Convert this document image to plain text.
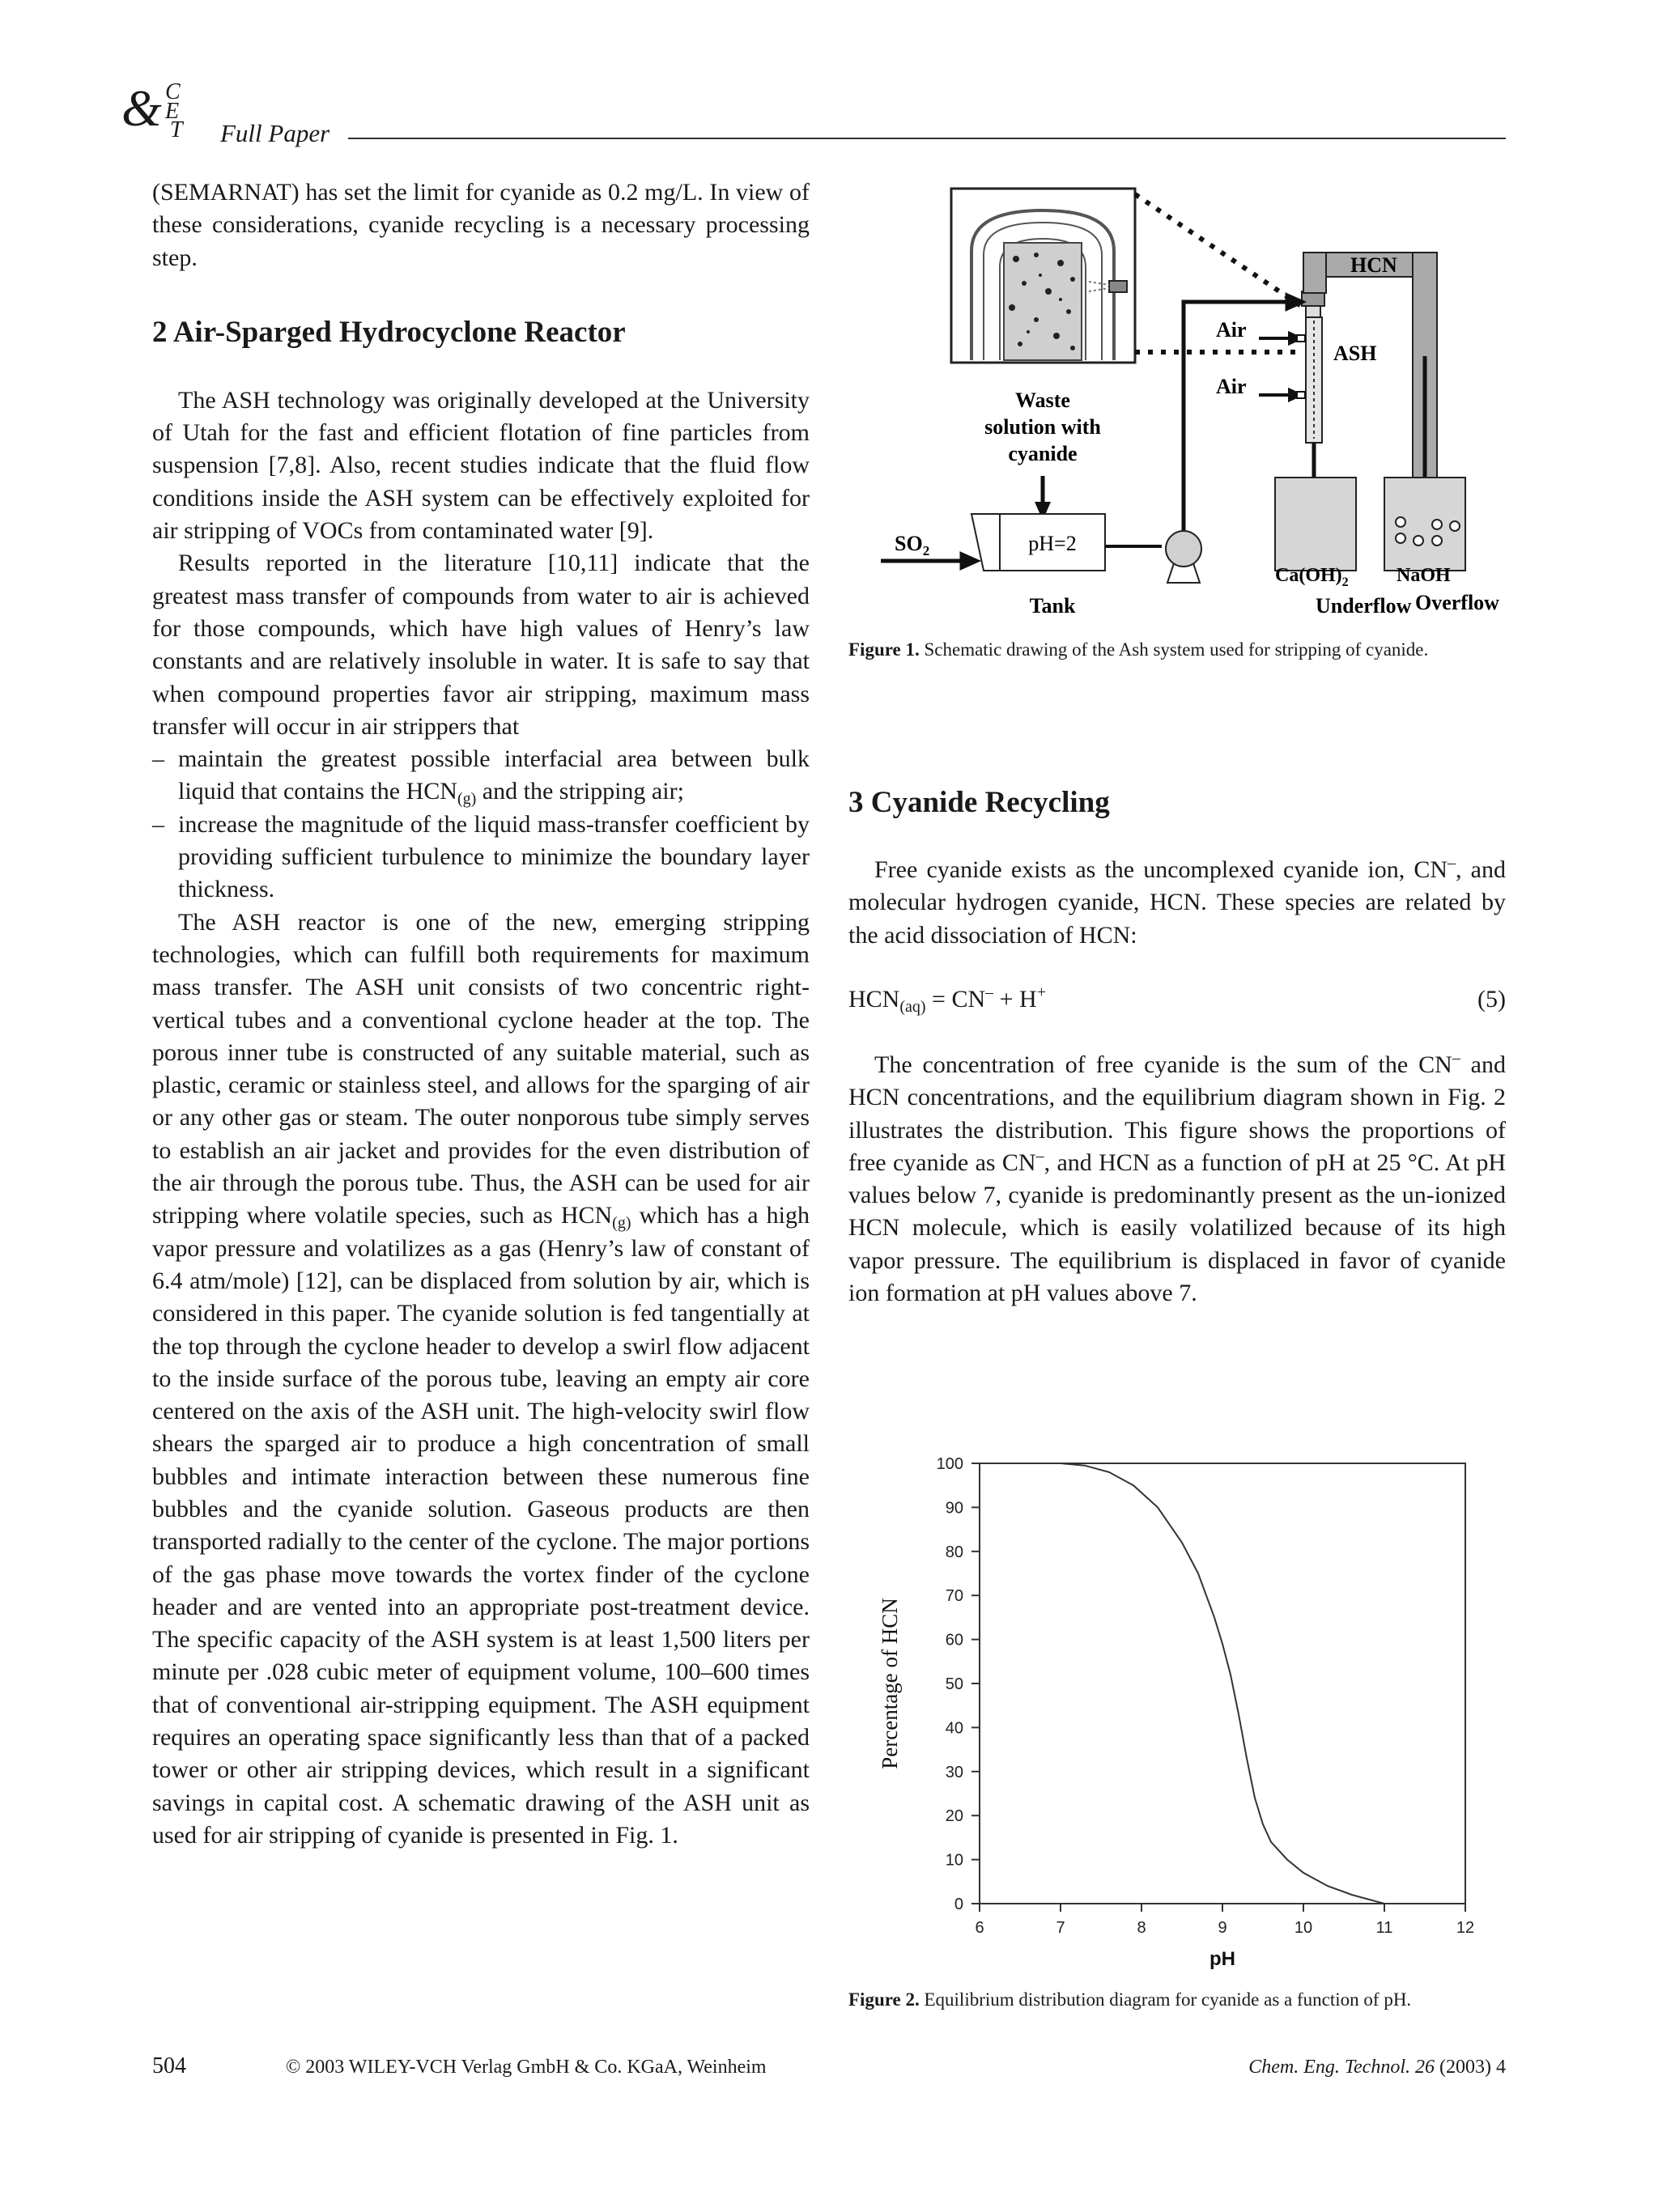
C
& E
T Full Paper

(SEMARNAT) has set the limit for cyanide as 0.2 mg/L. In view of these considerations, cyanide recycling is a necessary processing step.

2 Air-Sparged Hydrocyclone Reactor

The ASH technology was originally developed at the University of Utah for the fast and efficient flotation of fine particles from suspension [7,8]. Also, recent studies indicate that the fluid flow conditions inside the ASH system can be effectively exploited for air stripping of VOCs from contaminated water [9].

Results reported in the literature [10,11] indicate that the greatest mass transfer of compounds from water to air is achieved for those compounds, which have high values of Henry’s law constants and are relatively insoluble in water. It is safe to say that when compound properties favor air stripping, maximum mass transfer will occur in air strippers that

– maintain the greatest possible interfacial area between bulk liquid that contains the $HCN_{(g)}$ and the stripping air;
– increase the magnitude of the liquid mass-transfer coefficient by providing sufficient turbulence to minimize the boundary layer thickness.

The ASH reactor is one of the new, emerging stripping technologies, which can fulfill both requirements for maximum mass transfer. The ASH unit consists of two concentric right-vertical tubes and a conventional cyclone header at the top. The porous inner tube is constructed of any suitable material, such as plastic, ceramic or stainless steel, and allows for the sparging of air or any other gas or steam. The outer nonporous tube simply serves to establish an air jacket and provides for the even distribution of the air through the porous tube. Thus, the ASH can be used for air stripping where volatile species, such as $HCN_{(g)}$ which has a high vapor pressure and volatilizes as a gas (Henry’s law of constant of 6.4 atm/mole) [12], can be displaced from solution by air, which is considered in this paper. The cyanide solution is fed tangentially at the top through the cyclone header to develop a swirl flow adjacent to the inside surface of the porous tube, leaving an empty air core centered on the axis of the ASH unit. The high-velocity swirl flow shears the sparged air to produce a high concentration of small bubbles and intimate interaction between these numerous fine bubbles and the cyanide solution. Gaseous products are then transported radially to the center of the cyclone. The major portions of the gas phase move towards the vortex finder of the cyclone header and are vented into an appropriate post-treatment device. The specific capacity of the ASH system is at least 1,500 liters per minute per .028 cubic meter of equipment volume, 100–600 times that of conventional air-stripping equipment. The ASH equipment requires an operating space significantly less than that of a packed tower or other air stripping devices, which result in a significant savings in capital cost. A schematic drawing of the ASH unit as used for air stripping of cyanide is presented in Fig. 1.

HCN
ASH
Air
Air
$Ca(OH)_2$ NaOH
Waste
solution with
cyanide
pH=2
Tank
$SO_2$
Underflow Overflow
Figure 1. Schematic drawing of the Ash system used for stripping of cyanide.
3 Cyanide Recycling

Free cyanide exists as the uncomplexed cyanide ion, CN–, and molecular hydrogen cyanide, HCN. These species are related by the acid dissociation of HCN:

$HCN_{(aq)} = CN^- + H^+$	(5)

The concentration of free cyanide is the sum of the CN– and HCN concentrations, and the equilibrium diagram shown in Fig. 2 illustrates the distribution. This figure shows the proportions of free cyanide as CN–, and HCN as a function of pH at 25 °C. At pH values below 7, cyanide is predominantly present as the un-ionized HCN molecule, which is easily volatilized because of its high vapor pressure. The equilibrium is displaced in favor of cyanide ion formation at pH values above 7.

0
10
20
30
40
50
60
70
80
90
100
6	7	8	9	10	11	12
pH
Percentage of HCN
Figure 2. Equilibrium distribution diagram for cyanide as a function of pH.
504	© 2003 WILEY-VCH Verlag GmbH & Co. KGaA, Weinheim	Chem. Eng. Technol. 26 (2003) 4
